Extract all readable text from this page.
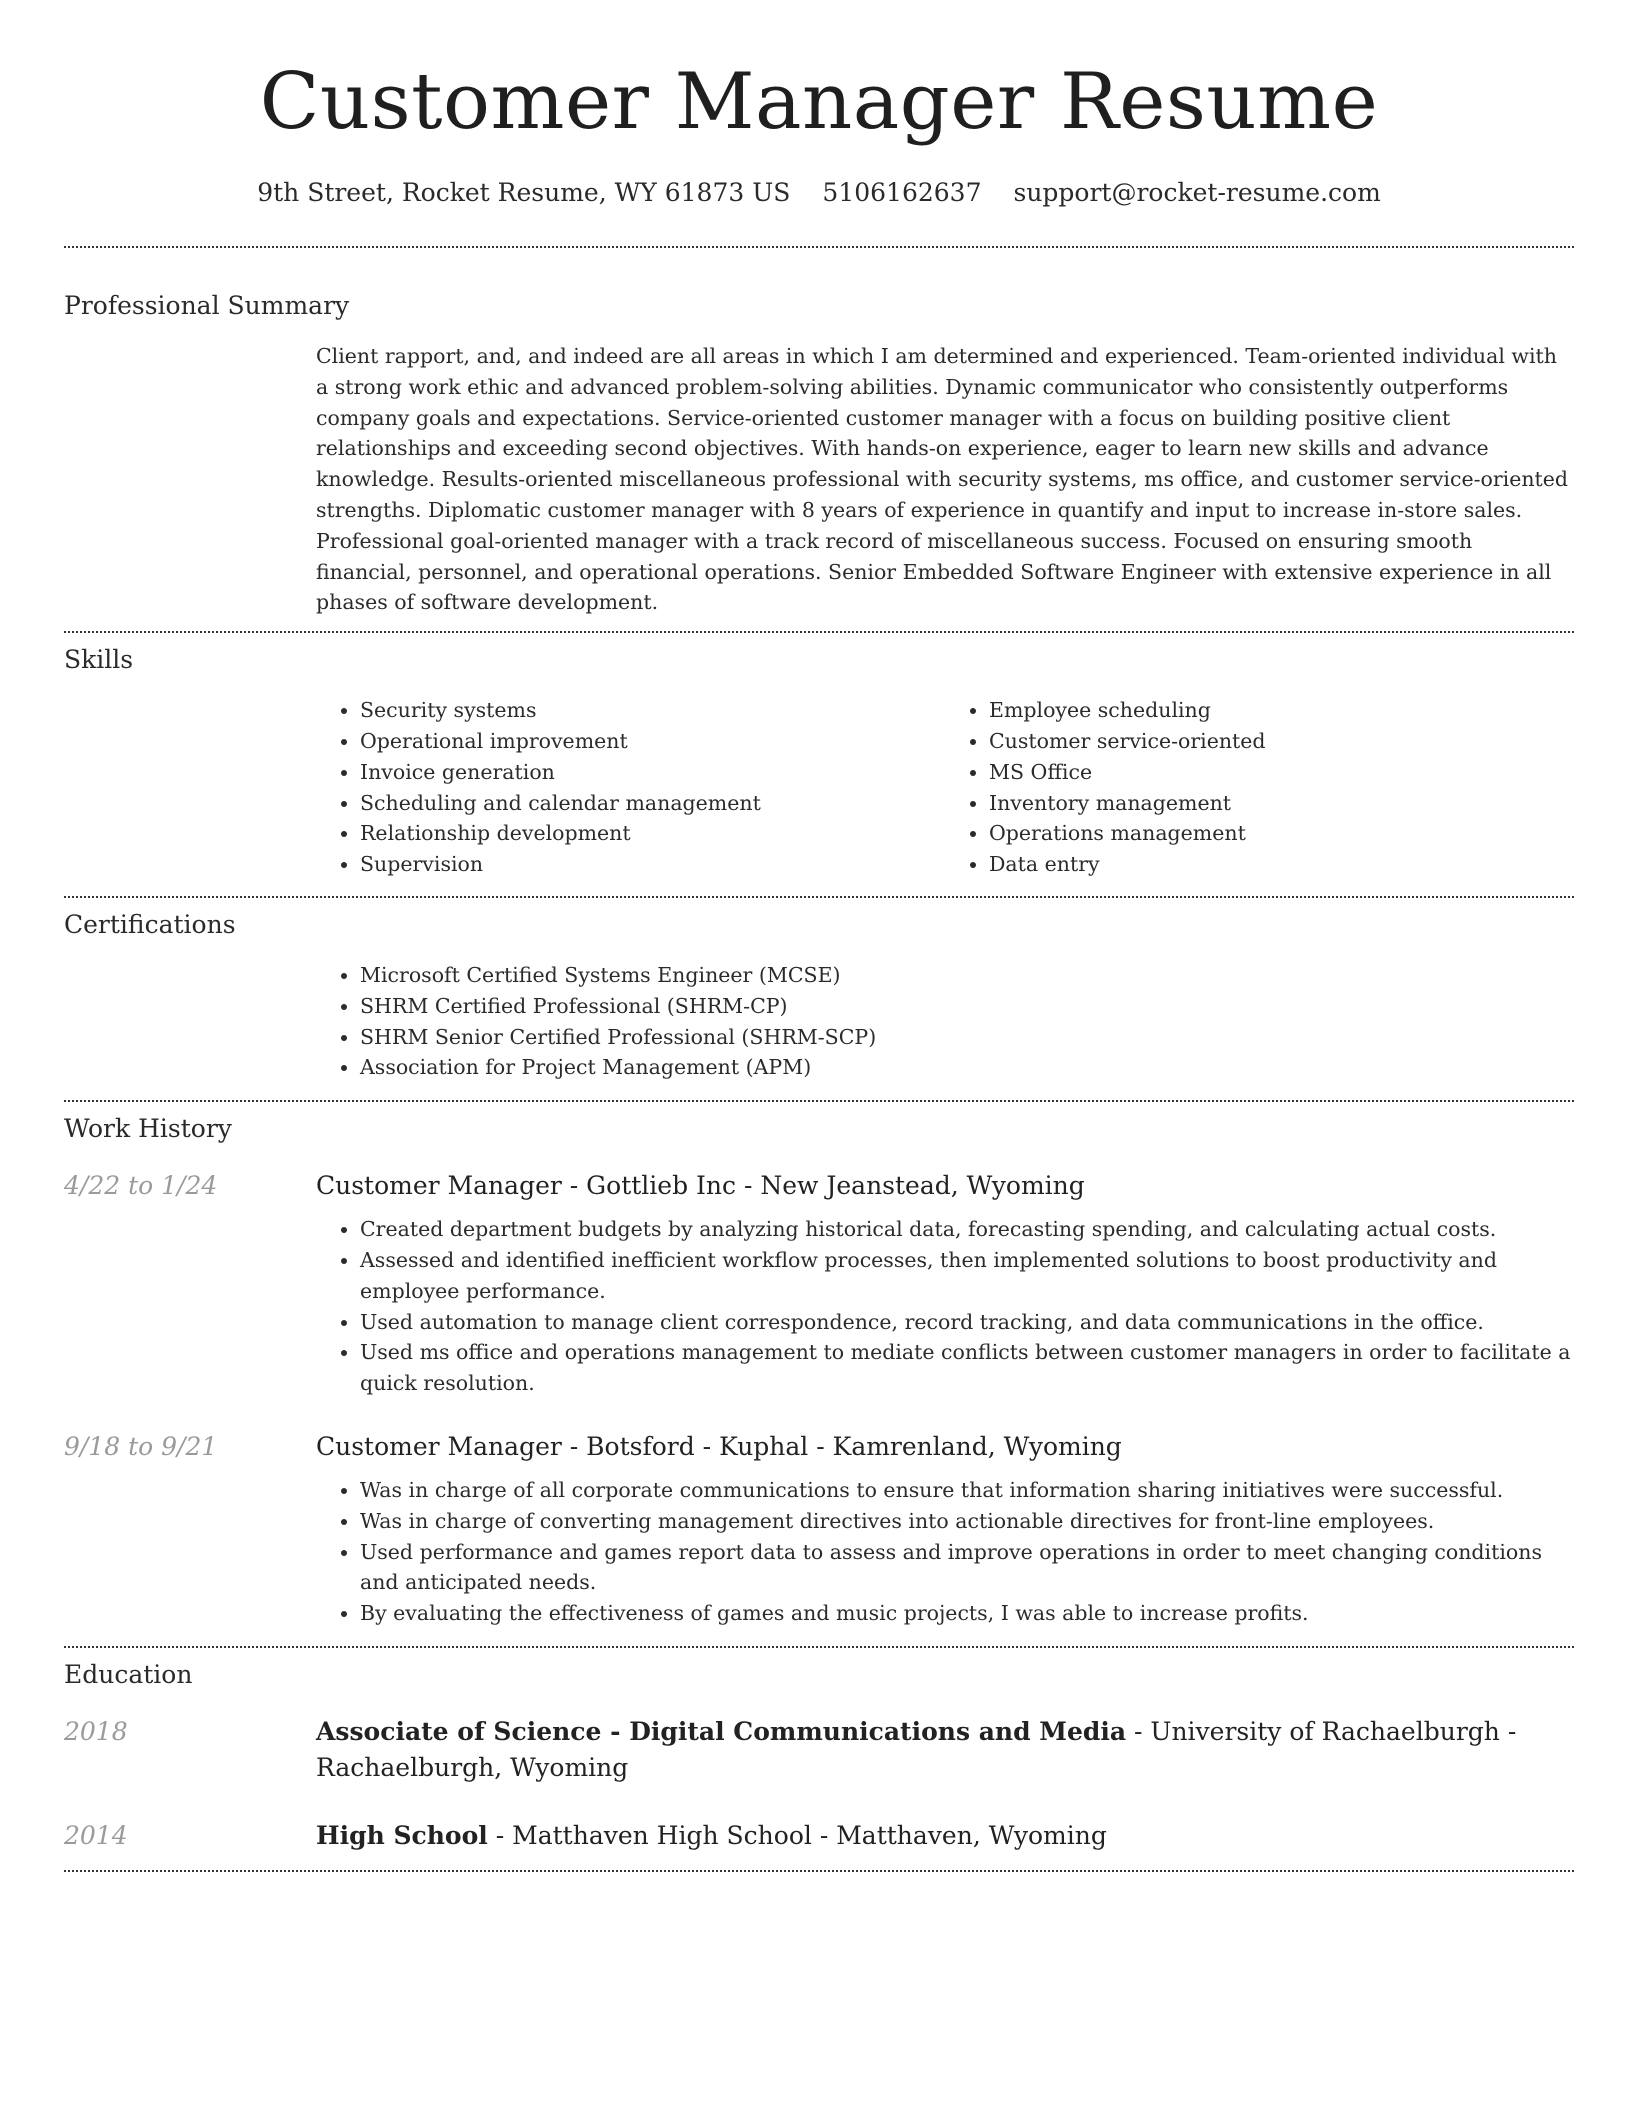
Customer Manager Resume
9th Street, Rocket Resume, WY 61873 US 5106162637 support@rocket-resume.com
Professional Summary
Client rapport, and, and indeed are all areas in which I am determined and experienced. Team-oriented individual with a strong work ethic and advanced problem-solving abilities. Dynamic communicator who consistently outperforms company goals and expectations. Service-oriented customer manager with a focus on building positive client relationships and exceeding second objectives. With hands-on experience, eager to learn new skills and advance knowledge. Results-oriented miscellaneous professional with security systems, ms office, and customer service-oriented strengths. Diplomatic customer manager with 8 years of experience in quantify and input to increase in-store sales. Professional goal-oriented manager with a track record of miscellaneous success. Focused on ensuring smooth financial, personnel, and operational operations. Senior Embedded Software Engineer with extensive experience in all phases of software development.
Skills
• Security systems
• Operational improvement
• Invoice generation
• Scheduling and calendar management
• Relationship development
• Supervision
• Employee scheduling
• Customer service-oriented
• MS Office
• Inventory management
• Operations management
• Data entry
Certifications
• Microsoft Certified Systems Engineer (MCSE)
• SHRM Certified Professional (SHRM-CP)
• SHRM Senior Certified Professional (SHRM-SCP)
• Association for Project Management (APM)
Work History
4/22 to 1/24	Customer Manager - Gottlieb Inc - New Jeanstead, Wyoming
• Created department budgets by analyzing historical data, forecasting spending, and calculating actual costs.
• Assessed and identified inefficient workflow processes, then implemented solutions to boost productivity and employee performance.
• Used automation to manage client correspondence, record tracking, and data communications in the office.
• Used ms office and operations management to mediate conflicts between customer managers in order to facilitate a quick resolution.
9/18 to 9/21	Customer Manager - Botsford - Kuphal - Kamrenland, Wyoming
• Was in charge of all corporate communications to ensure that information sharing initiatives were successful.
• Was in charge of converting management directives into actionable directives for front-line employees.
• Used performance and games report data to assess and improve operations in order to meet changing conditions and anticipated needs.
• By evaluating the effectiveness of games and music projects, I was able to increase profits.
Education
2018	Associate of Science - Digital Communications and Media - University of Rachaelburgh - Rachaelburgh, Wyoming
2014	High School - Matthaven High School - Matthaven, Wyoming
